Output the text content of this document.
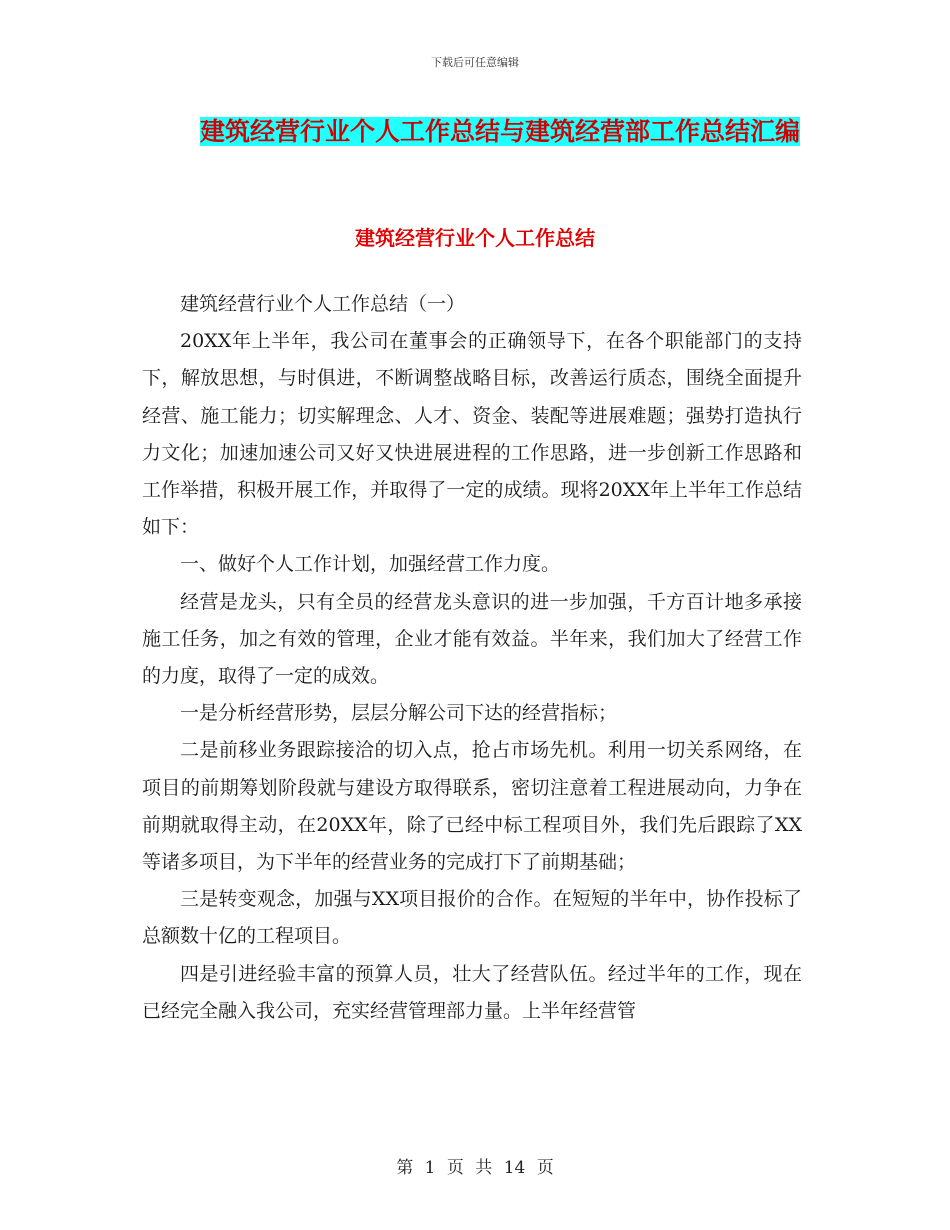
下载后可任意编辑
建筑经营行业个人工作总结与建筑经营部工作总结汇编
建筑经营行业个人工作总结

建筑经营行业个人工作总结（一）

20XX年上半年，我公司在董事会的正确领导下，在各个职能部门的支持下，解放思想，与时俱进，不断调整战略目标，改善运行质态，围绕全面提升经营、施工能力；切实解理念、人才、资金、装配等进展难题；强势打造执行力文化；加速加速公司又好又快进展进程的工作思路，进一步创新工作思路和工作举措，积极开展工作，并取得了一定的成绩。现将20XX年上半年工作总结如下：

一、做好个人工作计划，加强经营工作力度。

经营是龙头，只有全员的经营龙头意识的进一步加强，千方百计地多承接施工任务，加之有效的管理，企业才能有效益。半年来，我们加大了经营工作的力度，取得了一定的成效。

一是分析经营形势，层层分解公司下达的经营指标；

二是前移业务跟踪接洽的切入点，抢占市场先机。利用一切关系网络，在项目的前期筹划阶段就与建设方取得联系，密切注意着工程进展动向，力争在前期就取得主动，在20XX年，除了已经中标工程项目外，我们先后跟踪了XX等诸多项目，为下半年的经营业务的完成打下了前期基础；

三是转变观念，加强与XX项目报价的合作。在短短的半年中，协作投标了总额数十亿的工程项目。

四是引进经验丰富的预算人员，壮大了经营队伍。经过半年的工作，现在已经完全融入我公司，充实经营管理部力量。上半年经营管

第 1 页 共 14 页
